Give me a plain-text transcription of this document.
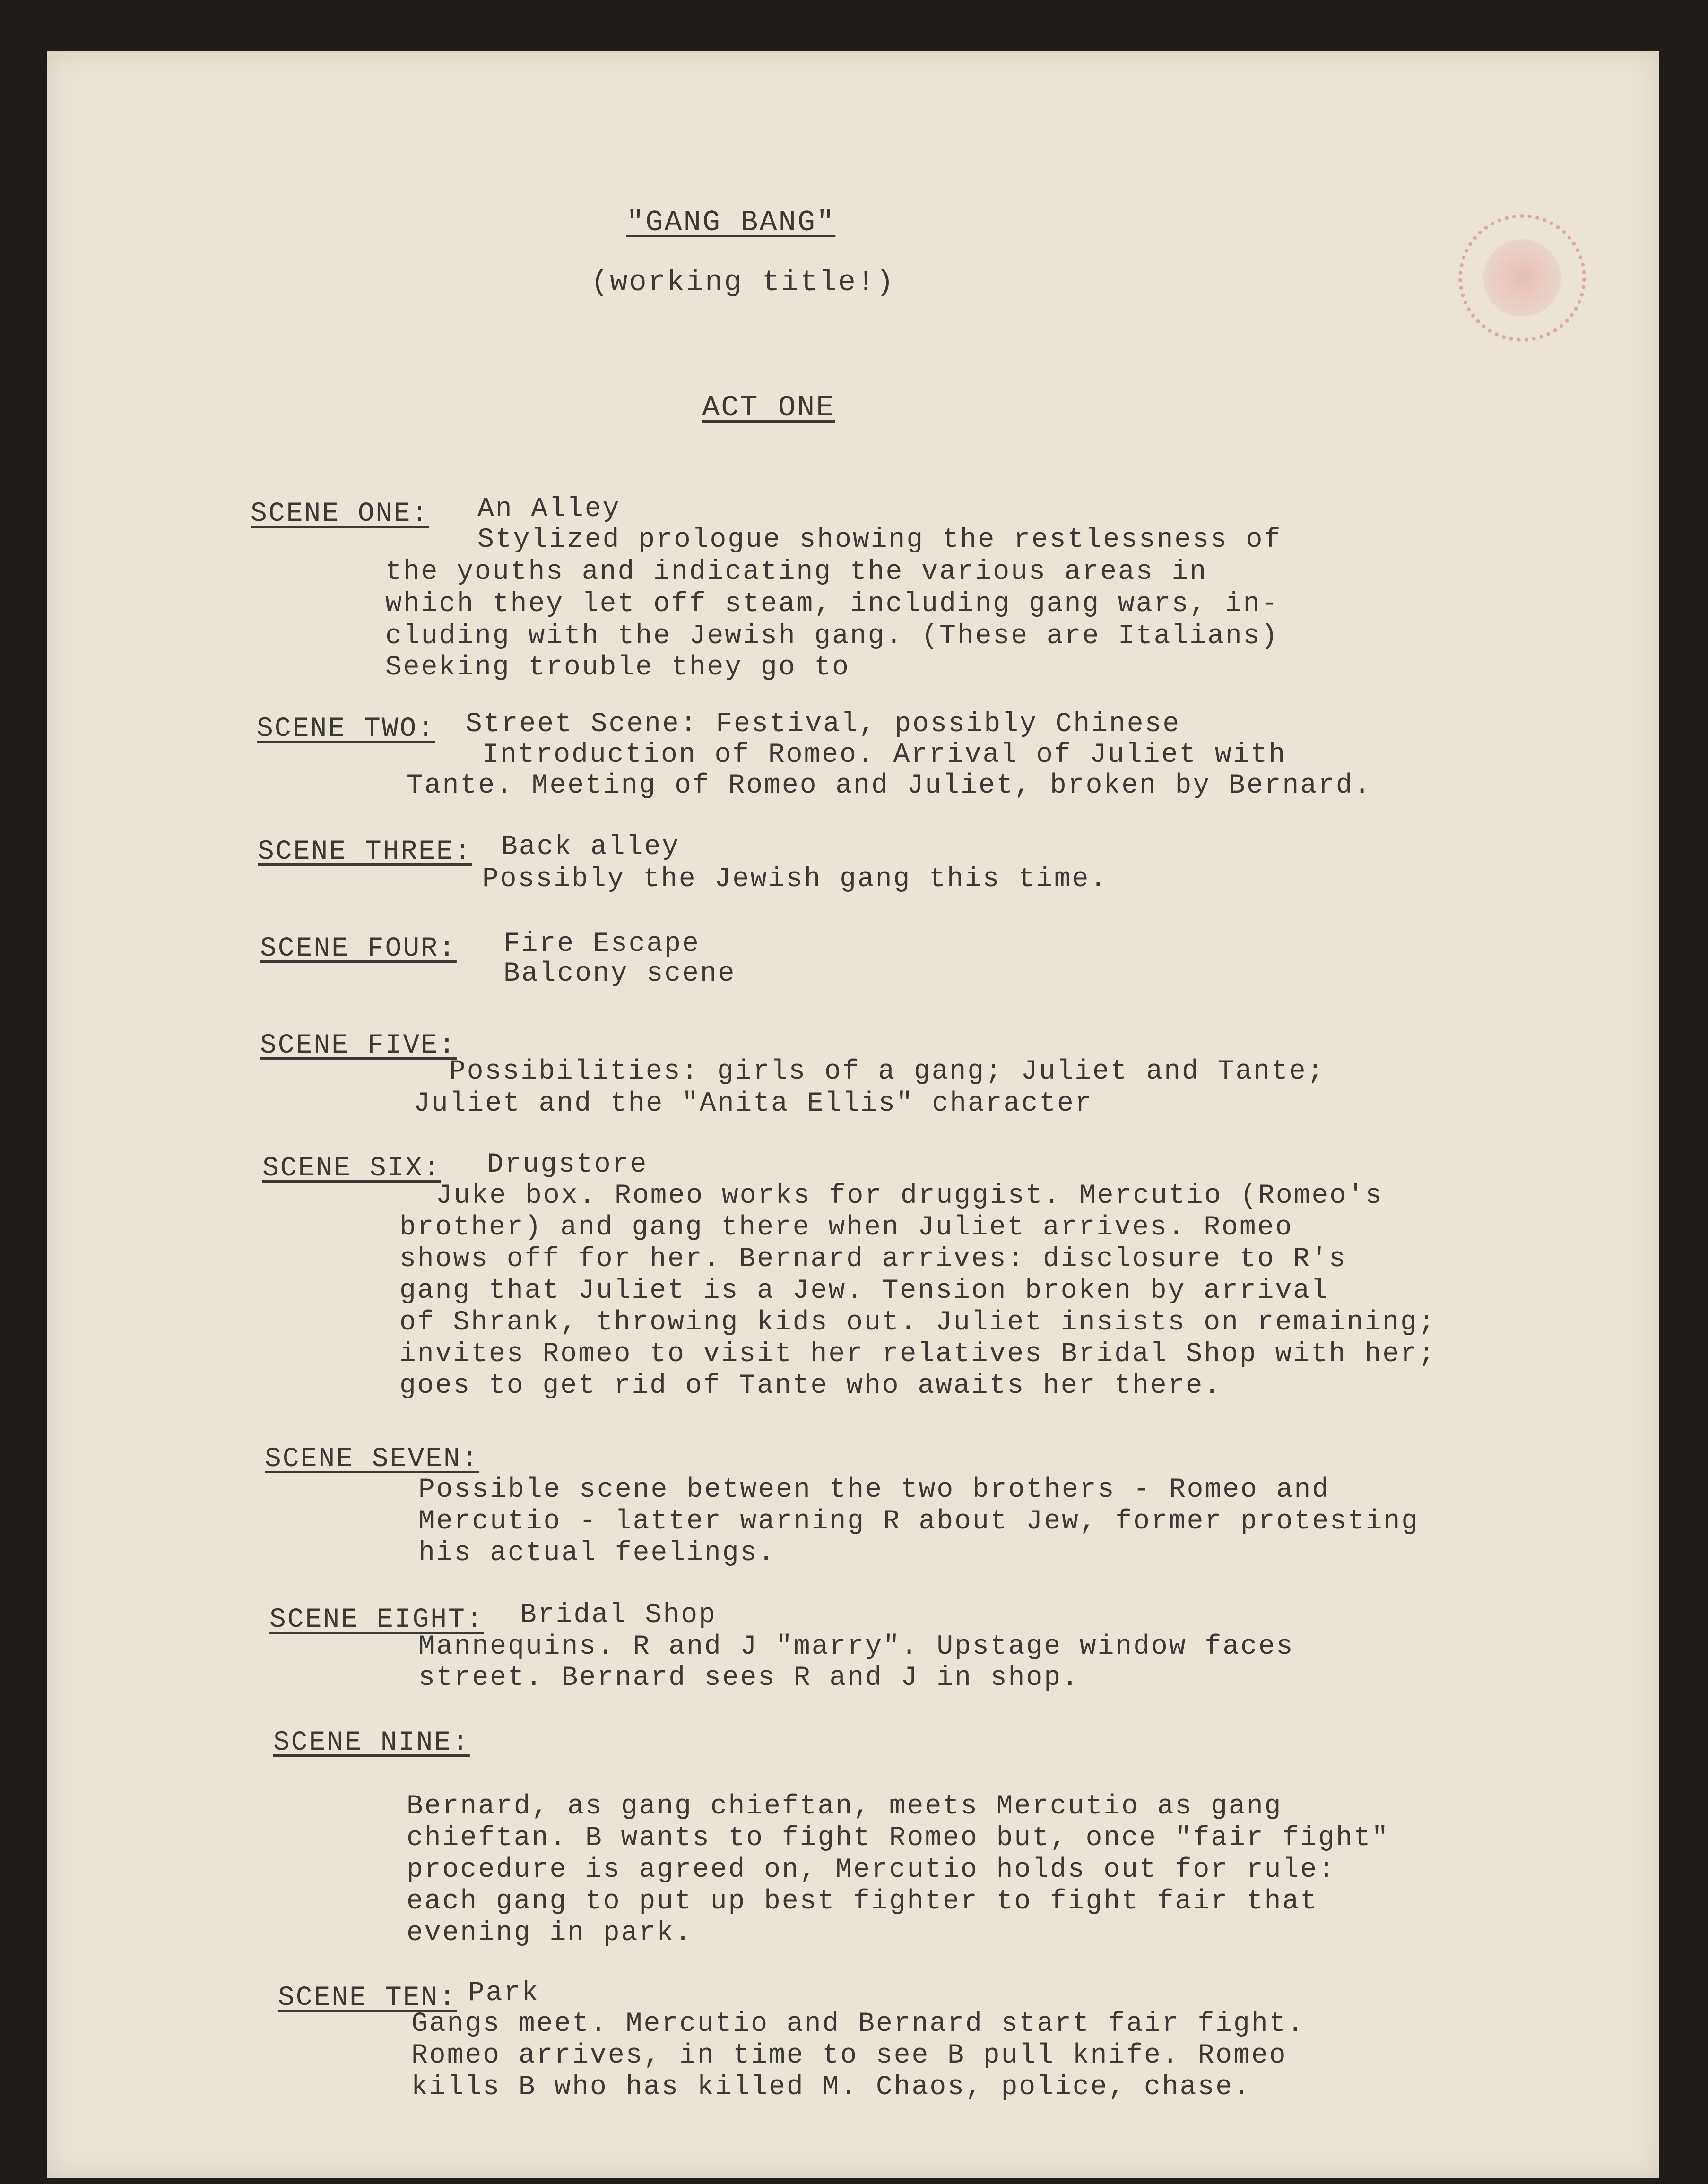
"GANG BANG"
(working title!)
ACT ONE
SCENE ONE: An Alley
Stylized prologue showing the restlessness of
the youths and indicating the various areas in
which they let off steam, including gang wars, in-
cluding with the Jewish gang. (These are Italians)
Seeking trouble they go to
SCENE TWO: Street Scene: Festival, possibly Chinese
Introduction of Romeo. Arrival of Juliet with
Tante. Meeting of Romeo and Juliet, broken by Bernard.
SCENE THREE: Back alley
Possibly the Jewish gang this time.
SCENE FOUR: Fire Escape
Balcony scene
SCENE FIVE:
Possibilities: girls of a gang; Juliet and Tante;
Juliet and the "Anita Ellis" character
SCENE SIX: Drugstore
Juke box. Romeo works for druggist. Mercutio (Romeo's
brother) and gang there when Juliet arrives. Romeo
shows off for her. Bernard arrives: disclosure to R's
gang that Juliet is a Jew. Tension broken by arrival
of Shrank, throwing kids out. Juliet insists on remaining;
invites Romeo to visit her relatives Bridal Shop with her;
goes to get rid of Tante who awaits her there.
SCENE SEVEN:
Possible scene between the two brothers - Romeo and
Mercutio - latter warning R about Jew, former protesting
his actual feelings.
SCENE EIGHT: Bridal Shop
Mannequins. R and J "marry". Upstage window faces
street. Bernard sees R and J in shop.
SCENE NINE:
Bernard, as gang chieftan, meets Mercutio as gang
chieftan. B wants to fight Romeo but, once "fair fight"
procedure is agreed on, Mercutio holds out for rule:
each gang to put up best fighter to fight fair that
evening in park.
SCENE TEN: Park
Gangs meet. Mercutio and Bernard start fair fight.
Romeo arrives, in time to see B pull knife. Romeo
kills B who has killed M. Chaos, police, chase.
